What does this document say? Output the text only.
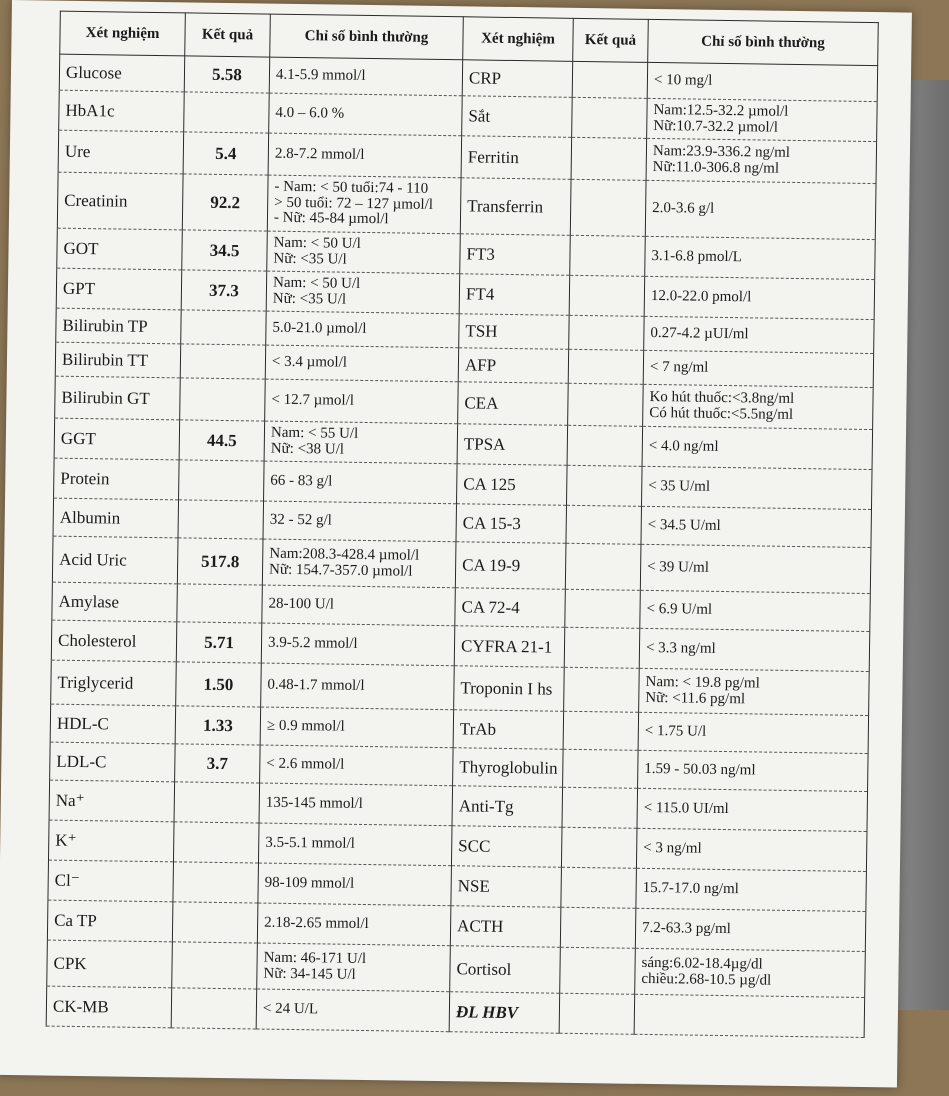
Xét nghiệm	Kết quả	Chỉ số bình thường	Xét nghiệm	Kết quả	Chỉ số bình thường
Glucose	5.58	4.1-5.9 mmol/l	CRP		< 10 mg/l

HbA1c		4.0 – 6.0 %	Sắt		Nam:12.5-32.2 µmol/l
Nữ:10.7-32.2 µmol/l

Ure	5.4	2.8-7.2 mmol/l	Ferritin		Nam:23.9-336.2 ng/ml
Nữ:11.0-306.8 ng/ml

Creatinin	92.2	- Nam: < 50 tuổi:74 - 110
> 50 tuổi: 72 – 127 µmol/l
- Nữ: 45-84 µmol/l	Transferrin		2.0-3.6 g/l

GOT	34.5	Nam: < 50 U/l
Nữ: <35 U/l	FT3		3.1-6.8 pmol/L

GPT	37.3	Nam: < 50 U/l
Nữ: <35 U/l	FT4		12.0-22.0 pmol/l

Bilirubin TP		5.0-21.0 µmol/l	TSH		0.27-4.2 µUI/ml

Bilirubin TT		< 3.4 µmol/l	AFP		< 7 ng/ml

Bilirubin GT		< 12.7 µmol/l	CEA		Ko hút thuốc:<3.8ng/ml
Có hút thuốc:<5.5ng/ml

GGT	44.5	Nam: < 55 U/l
Nữ: <38 U/l	TPSA		< 4.0 ng/ml

Protein		66 - 83 g/l	CA 125		< 35 U/ml

Albumin		32 - 52 g/l	CA 15-3		< 34.5 U/ml

Acid Uric	517.8	Nam:208.3-428.4 µmol/l
Nữ: 154.7-357.0 µmol/l	CA 19-9		< 39 U/ml

Amylase		28-100 U/l	CA 72-4		< 6.9 U/ml

Cholesterol	5.71	3.9-5.2 mmol/l	CYFRA 21-1		< 3.3 ng/ml

Triglycerid	1.50	0.48-1.7 mmol/l	Troponin I hs		Nam: < 19.8 pg/ml
Nữ: <11.6 pg/ml

HDL-C	1.33	≥ 0.9 mmol/l	TrAb		< 1.75 U/l

LDL-C	3.7	< 2.6 mmol/l	Thyroglobulin		1.59 - 50.03 ng/ml

Na⁺		135-145 mmol/l	Anti-Tg		< 115.0 UI/ml

K⁺		3.5-5.1 mmol/l	SCC		< 3 ng/ml

Cl⁻		98-109 mmol/l	NSE		15.7-17.0 ng/ml

Ca TP		2.18-2.65 mmol/l	ACTH		7.2-63.3 pg/ml

CPK		Nam: 46-171 U/l
Nữ: 34-145 U/l	Cortisol		sáng:6.02-18.4µg/dl
chiều:2.68-10.5 µg/dl

CK-MB		< 24 U/L	ĐL HBV		
